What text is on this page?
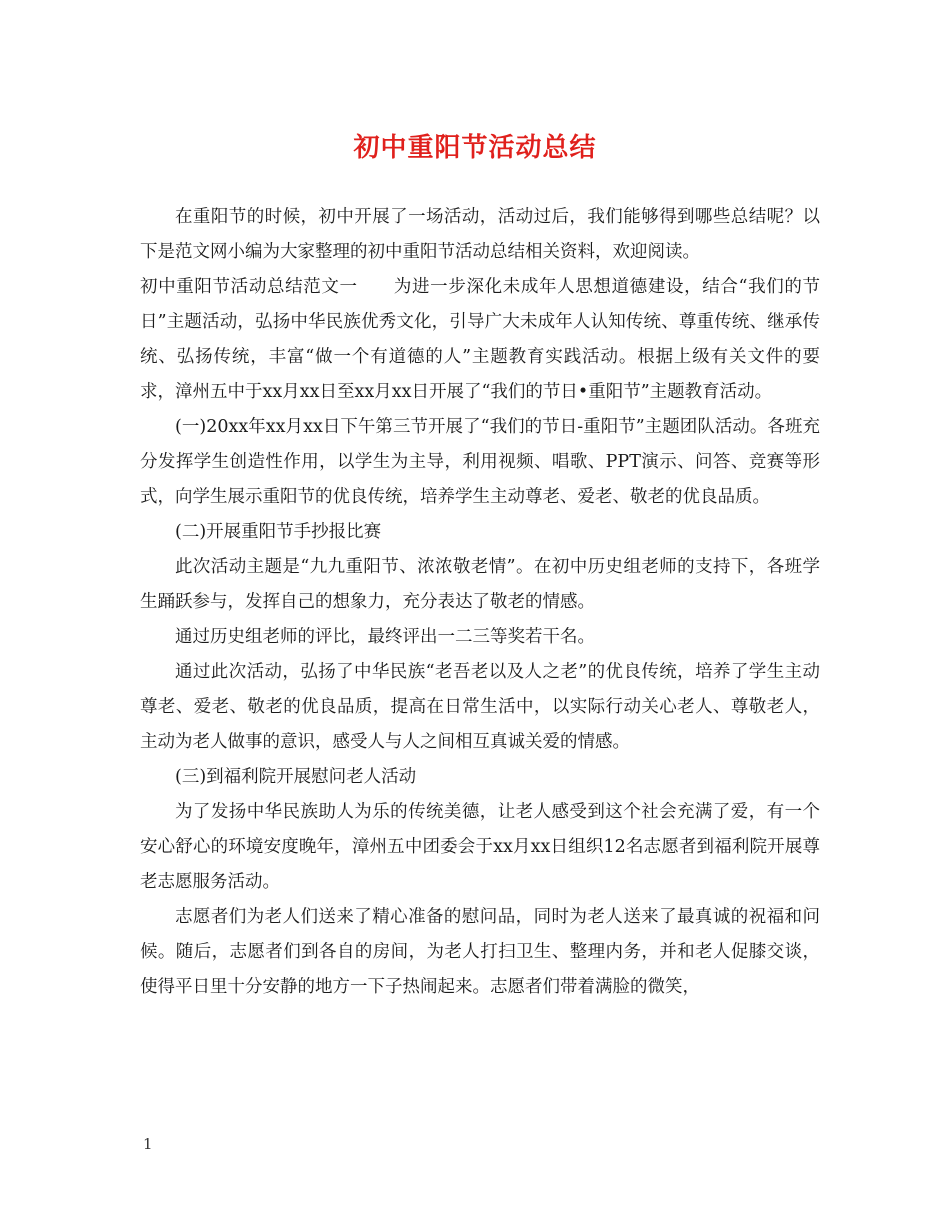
初中重阳节活动总结

在重阳节的时候，初中开展了一场活动，活动过后，我们能够得到哪些总结呢？以下是范文网小编为大家整理的初中重阳节活动总结相关资料，欢迎阅读。

初中重阳节活动总结范文一　　为进一步深化未成年人思想道德建设，结合“我们的节日”主题活动，弘扬中华民族优秀文化，引导广大未成年人认知传统、尊重传统、继承传统、弘扬传统，丰富“做一个有道德的人”主题教育实践活动。根据上级有关文件的要求，漳州五中于xx月xx日至xx月xx日开展了“我们的节日•重阳节”主题教育活动。

(一)20xx年xx月xx日下午第三节开展了“我们的节日-重阳节”主题团队活动。各班充分发挥学生创造性作用，以学生为主导，利用视频、唱歌、PPT演示、问答、竞赛等形式，向学生展示重阳节的优良传统，培养学生主动尊老、爱老、敬老的优良品质。

(二)开展重阳节手抄报比赛

此次活动主题是“九九重阳节、浓浓敬老情”。在初中历史组老师的支持下，各班学生踊跃参与，发挥自己的想象力，充分表达了敬老的情感。

通过历史组老师的评比，最终评出一二三等奖若干名。

通过此次活动，弘扬了中华民族“老吾老以及人之老”的优良传统，培养了学生主动尊老、爱老、敬老的优良品质，提高在日常生活中，以实际行动关心老人、尊敬老人，主动为老人做事的意识，感受人与人之间相互真诚关爱的情感。

(三)到福利院开展慰问老人活动

为了发扬中华民族助人为乐的传统美德，让老人感受到这个社会充满了爱，有一个安心舒心的环境安度晚年，漳州五中团委会于xx月xx日组织12名志愿者到福利院开展尊老志愿服务活动。

志愿者们为老人们送来了精心准备的慰问品，同时为老人送来了最真诚的祝福和问候。随后，志愿者们到各自的房间，为老人打扫卫生、整理内务，并和老人促膝交谈，使得平日里十分安静的地方一下子热闹起来。志愿者们带着满脸的微笑，

1
